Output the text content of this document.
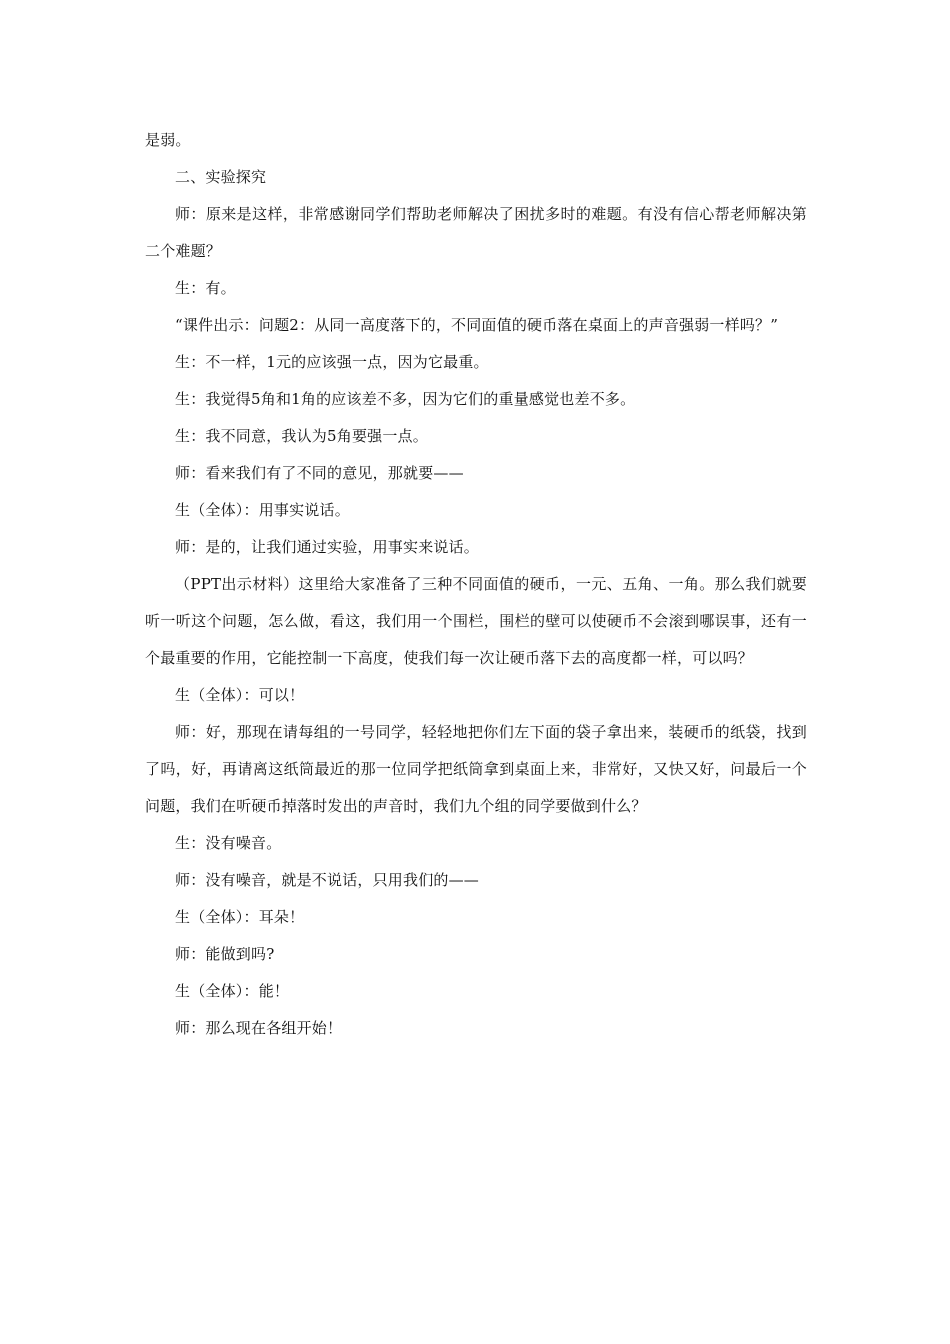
是弱。

二、实验探究

师：原来是这样，非常感谢同学们帮助老师解决了困扰多时的难题。有没有信心帮老师解决第二个难题？

生：有。

“课件出示：问题2：从同一高度落下的，不同面值的硬币落在桌面上的声音强弱一样吗？”

生：不一样，1元的应该强一点，因为它最重。

生：我觉得5角和1角的应该差不多，因为它们的重量感觉也差不多。

生：我不同意，我认为5角要强一点。

师：看来我们有了不同的意见，那就要——

生（全体）：用事实说话。

师：是的，让我们通过实验，用事实来说话。

（PPT出示材料）这里给大家准备了三种不同面值的硬币，一元、五角、一角。那么我们就要听一听这个问题，怎么做，看这，我们用一个围栏，围栏的壁可以使硬币不会滚到哪误事，还有一个最重要的作用，它能控制一下高度，使我们每一次让硬币落下去的高度都一样，可以吗？

生（全体）：可以！

师：好，那现在请每组的一号同学，轻轻地把你们左下面的袋子拿出来，装硬币的纸袋，找到了吗，好，再请离这纸筒最近的那一位同学把纸筒拿到桌面上来，非常好，又快又好，问最后一个问题，我们在听硬币掉落时发出的声音时，我们九个组的同学要做到什么？

生：没有噪音。

师：没有噪音，就是不说话，只用我们的——

生（全体）：耳朵！

师：能做到吗?

生（全体）：能！

师：那么现在各组开始！
